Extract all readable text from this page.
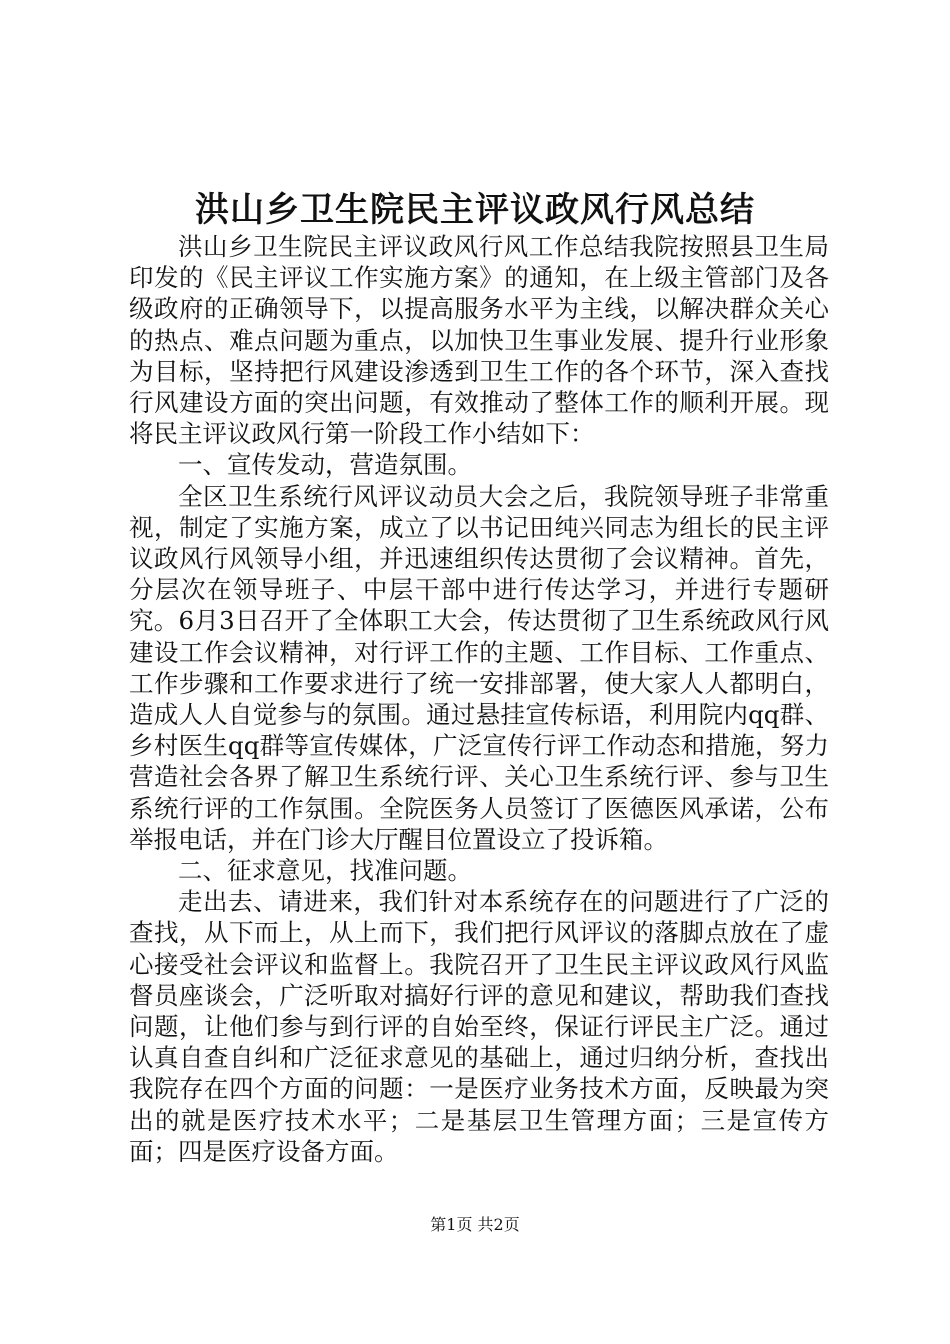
洪山乡卫生院民主评议政风行风总结

洪山乡卫生院民主评议政风行风工作总结我院按照县卫生局印发的《民主评议工作实施方案》的通知，在上级主管部门及各级政府的正确领导下，以提高服务水平为主线，以解决群众关心的热点、难点问题为重点，以加快卫生事业发展、提升行业形象为目标，坚持把行风建设渗透到卫生工作的各个环节，深入查找行风建设方面的突出问题，有效推动了整体工作的顺利开展。现将民主评议政风行第一阶段工作小结如下：

一、宣传发动，营造氛围。

全区卫生系统行风评议动员大会之后，我院领导班子非常重视，制定了实施方案，成立了以书记田纯兴同志为组长的民主评议政风行风领导小组，并迅速组织传达贯彻了会议精神。首先，分层次在领导班子、中层干部中进行传达学习，并进行专题研究。6月3日召开了全体职工大会，传达贯彻了卫生系统政风行风建设工作会议精神，对行评工作的主题、工作目标、工作重点、工作步骤和工作要求进行了统一安排部署，使大家人人都明白，造成人人自觉参与的氛围。通过悬挂宣传标语，利用院内qq群、乡村医生qq群等宣传媒体，广泛宣传行评工作动态和措施，努力营造社会各界了解卫生系统行评、关心卫生系统行评、参与卫生系统行评的工作氛围。全院医务人员签订了医德医风承诺，公布举报电话，并在门诊大厅醒目位置设立了投诉箱。

二、征求意见，找准问题。

走出去、请进来，我们针对本系统存在的问题进行了广泛的查找，从下而上，从上而下，我们把行风评议的落脚点放在了虚心接受社会评议和监督上。我院召开了卫生民主评议政风行风监督员座谈会，广泛听取对搞好行评的意见和建议，帮助我们查找问题，让他们参与到行评的自始至终，保证行评民主广泛。通过认真自查自纠和广泛征求意见的基础上，通过归纳分析，查找出我院存在四个方面的问题：一是医疗业务技术方面，反映最为突出的就是医疗技术水平；二是基层卫生管理方面；三是宣传方面；四是医疗设备方面。

第1页 共2页
